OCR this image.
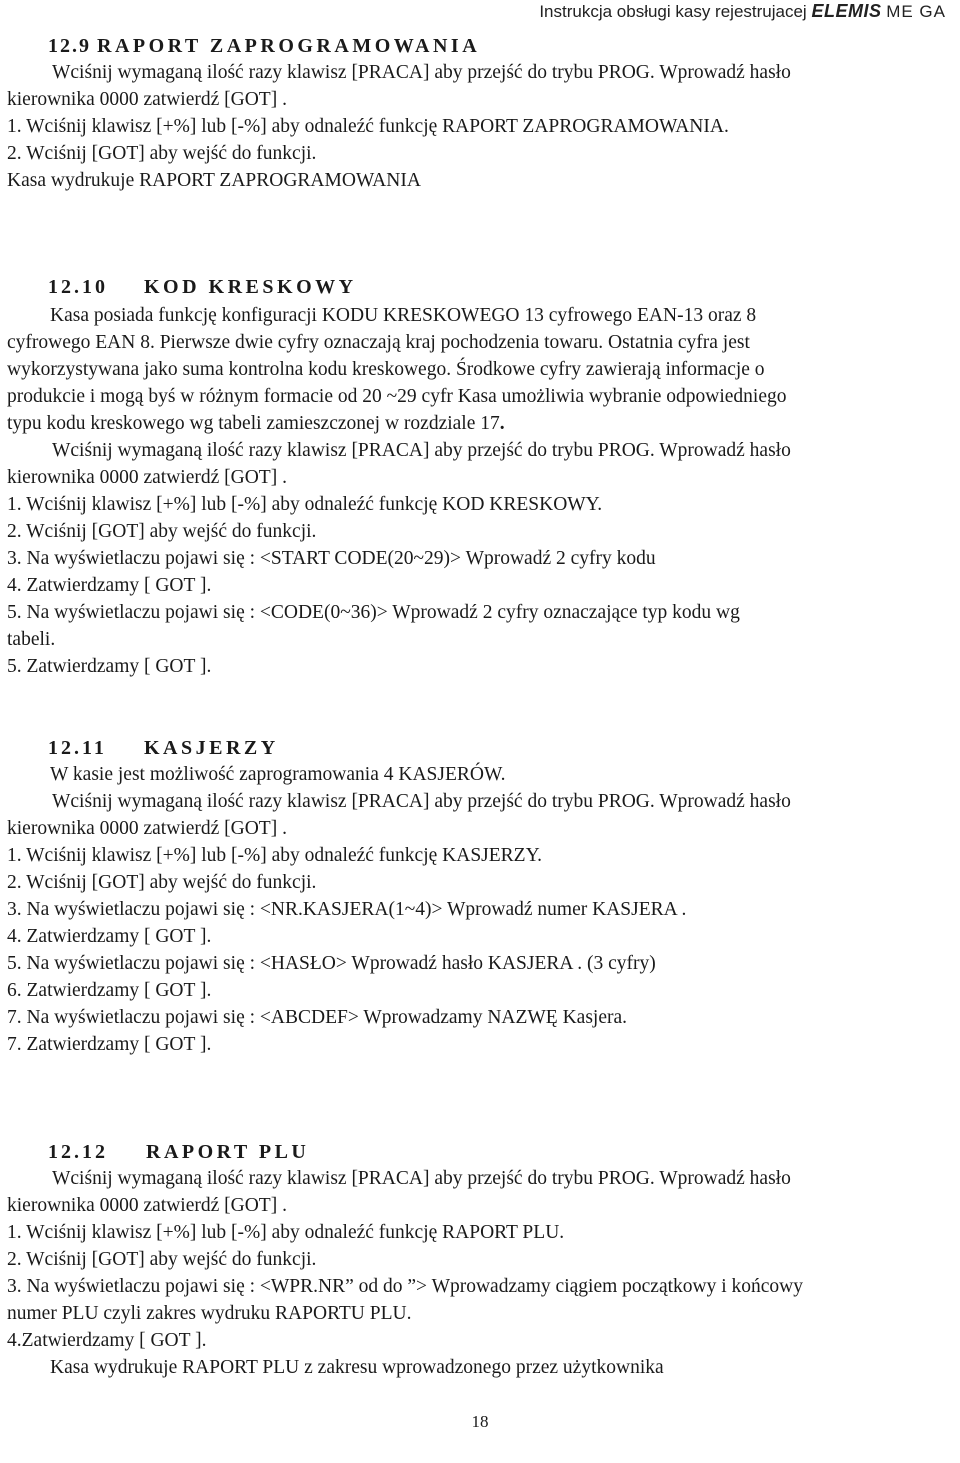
Instrukcja obsługi kasy rejestrujacej ELEMIS ME GA
12.9 RAPORT ZAPROGRAMOWANIA
Wciśnij wymaganą ilość razy klawisz [PRACA] aby przejść do trybu PROG. Wprowadź hasło
kierownika 0000 zatwierdź [GOT] .
1. Wciśnij klawisz [+%] lub [-%] aby odnaleźć funkcję RAPORT ZAPROGRAMOWANIA.
2. Wciśnij [GOT] aby wejść do funkcji.
Kasa wydrukuje RAPORT ZAPROGRAMOWANIA
12.10 KOD KRESKOWY
Kasa posiada funkcję konfiguracji KODU KRESKOWEGO 13 cyfrowego EAN-13 oraz 8
cyfrowego EAN 8. Pierwsze dwie cyfry oznaczają kraj pochodzenia towaru. Ostatnia cyfra jest
wykorzystywana jako suma kontrolna kodu kreskowego. Środkowe cyfry zawierają informacje o
produkcie i mogą byś w różnym formacie od 20 ~29 cyfr Kasa umożliwia wybranie odpowiedniego
typu kodu kreskowego wg tabeli zamieszczonej w rozdziale 17.
Wciśnij wymaganą ilość razy klawisz [PRACA] aby przejść do trybu PROG. Wprowadź hasło
kierownika 0000 zatwierdź [GOT] .
1. Wciśnij klawisz [+%] lub [-%] aby odnaleźć funkcję KOD KRESKOWY.
2. Wciśnij [GOT] aby wejść do funkcji.
3. Na wyświetlaczu pojawi się : <START CODE(20~29)> Wprowadź 2 cyfry kodu
4. Zatwierdzamy [ GOT ].
5. Na wyświetlaczu pojawi się : <CODE(0~36)> Wprowadź 2 cyfry oznaczające typ kodu wg
tabeli.
5. Zatwierdzamy [ GOT ].
12.11 KASJERZY
W kasie jest możliwość zaprogramowania 4 KASJERÓW.
Wciśnij wymaganą ilość razy klawisz [PRACA] aby przejść do trybu PROG. Wprowadź hasło
kierownika 0000 zatwierdź [GOT] .
1. Wciśnij klawisz [+%] lub [-%] aby odnaleźć funkcję KASJERZY.
2. Wciśnij [GOT] aby wejść do funkcji.
3. Na wyświetlaczu pojawi się : <NR.KASJERA(1~4)> Wprowadź numer KASJERA .
4. Zatwierdzamy [ GOT ].
5. Na wyświetlaczu pojawi się : <HASŁO> Wprowadź hasło KASJERA . (3 cyfry)
6. Zatwierdzamy [ GOT ].
7. Na wyświetlaczu pojawi się : <ABCDEF> Wprowadzamy NAZWĘ Kasjera.
7. Zatwierdzamy [ GOT ].
12.12 RAPORT PLU
Wciśnij wymaganą ilość razy klawisz [PRACA] aby przejść do trybu PROG. Wprowadź hasło
kierownika 0000 zatwierdź [GOT] .
1. Wciśnij klawisz [+%] lub [-%] aby odnaleźć funkcję RAPORT PLU.
2. Wciśnij [GOT] aby wejść do funkcji.
3. Na wyświetlaczu pojawi się : <WPR.NR” od do ”> Wprowadzamy ciągiem początkowy i końcowy
numer PLU czyli zakres wydruku RAPORTU PLU.
4.Zatwierdzamy [ GOT ].
Kasa wydrukuje RAPORT PLU z zakresu wprowadzonego przez użytkownika
18
